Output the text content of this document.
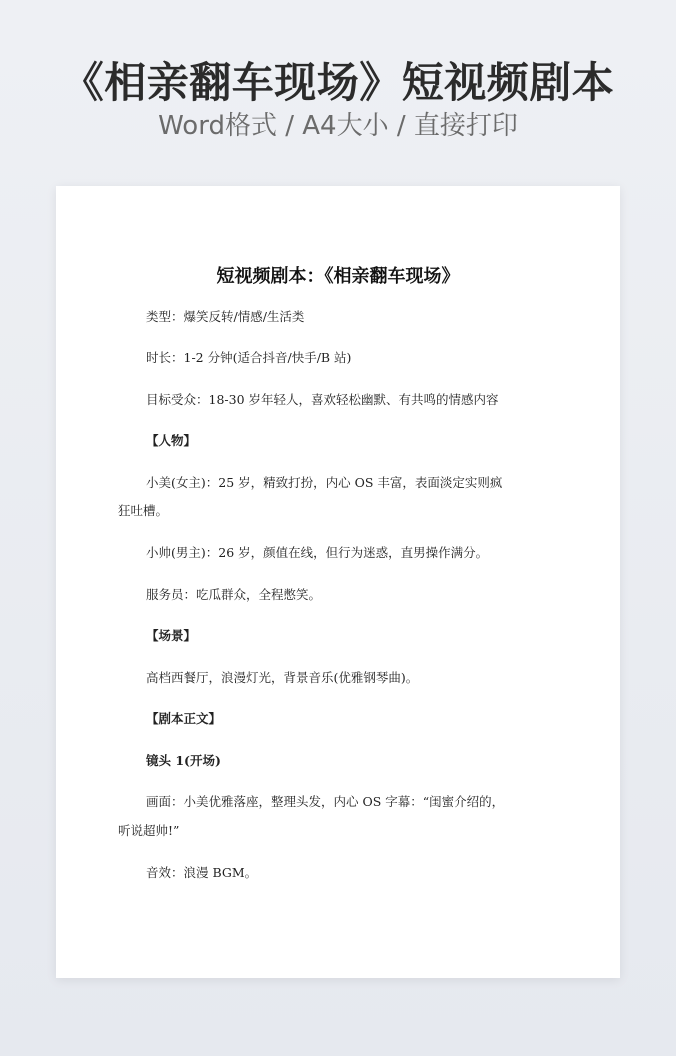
《相亲翻车现场》短视频剧本
Word格式 / A4大小 / 直接打印
短视频剧本：《相亲翻车现场》
类型：爆笑反转/情感/生活类
时长：1-2 分钟(适合抖音/快手/B 站)
目标受众：18-30 岁年轻人，喜欢轻松幽默、有共鸣的情感内容
【人物】
小美(女主)：25 岁，精致打扮，内心 OS 丰富，表面淡定实则疯
狂吐槽。
小帅(男主)：26 岁，颜值在线，但行为迷惑，直男操作满分。
服务员：吃瓜群众，全程憋笑。
【场景】
高档西餐厅，浪漫灯光，背景音乐(优雅钢琴曲)。
【剧本正文】
镜头 1(开场)
画面：小美优雅落座，整理头发，内心 OS 字幕：“闺蜜介绍的，
听说超帅!”
音效：浪漫 BGM。
